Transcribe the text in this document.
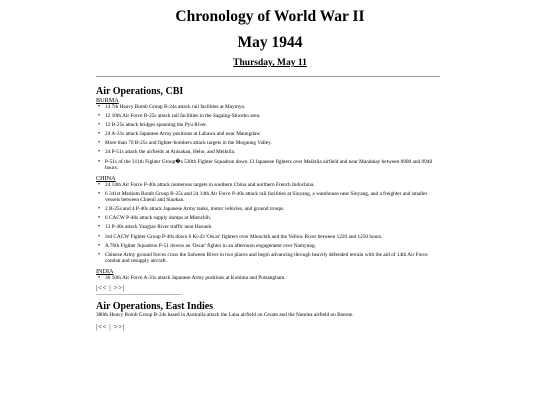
Chronology of World War II
May 1944
Thursday, May 11
Air Operations, CBI
BURMA
• 14 7th Heavy Bomb Group B-24s attack rail facilities at Maymyo.
• 12 10th Air Force B-25s attack rail facilities in the Sagaing-Shwebo area.
• 12 B-25s attack bridges spanning the Pyu River.
• 24 A-31s attack Japanese Army positions at Labawa and near Maungdaw.
• More than 70 B-25s and fighter-bombers attack targets in the Mogaung Valley.
• 24 P-51s attack the airfields at Anisakan, Heho, and Meiktila.
• P-51s of the 311th Fighter Group�s 530th Fighter Squadron down 13 Japanese fighters over Meiktila airfield and near Mandalay between 0900 and 0940 hours.
CHINA
• 24 14th Air Force P-40s attack numerous targets in southern China and northern French Indochina.
• 6 341st Medium Bomb Group B-25s and 24 14th Air Force P-40s attack rail facilities at Sinyang, a warehouse near Sinyang, and a freighter and smaller vessels between Chienli and Siaokan.
• 2 B-25s and 4 P-40s attack Japanese Army tanks, motor vehicles, and ground troops.
• 6 CACW P-40s attack supply dumps at Mienchih.
• 13 P-40s attack Yangtze River traffic near Hosueh.
• 3rd CACW Fighter Group P-40s down 6 Ki-43 'Oscar' fighters over Mienchih and the Yellow River between 1220 and 1250 hours.
• A 76th Fighter Squadron P-51 downs an 'Oscar' fighter in an afternoon engagement over Namyung.
• Chinese Army ground forces cross the Salween River in two places and begin advancing through heavily defended terrain with the aid of 14th Air Force combat and resupply aircraft.
INDIA
• 36 10th Air Force A-31s attack Japanese Army positions at Kohima and Potsangbam.
|<< | >>|
Air Operations, East Indies
380th Heavy Bomb Group B-24s based in Australia attack the Laha airfield on Ceram and the Namlea airfield on Boeroe.
|<< | >>|
